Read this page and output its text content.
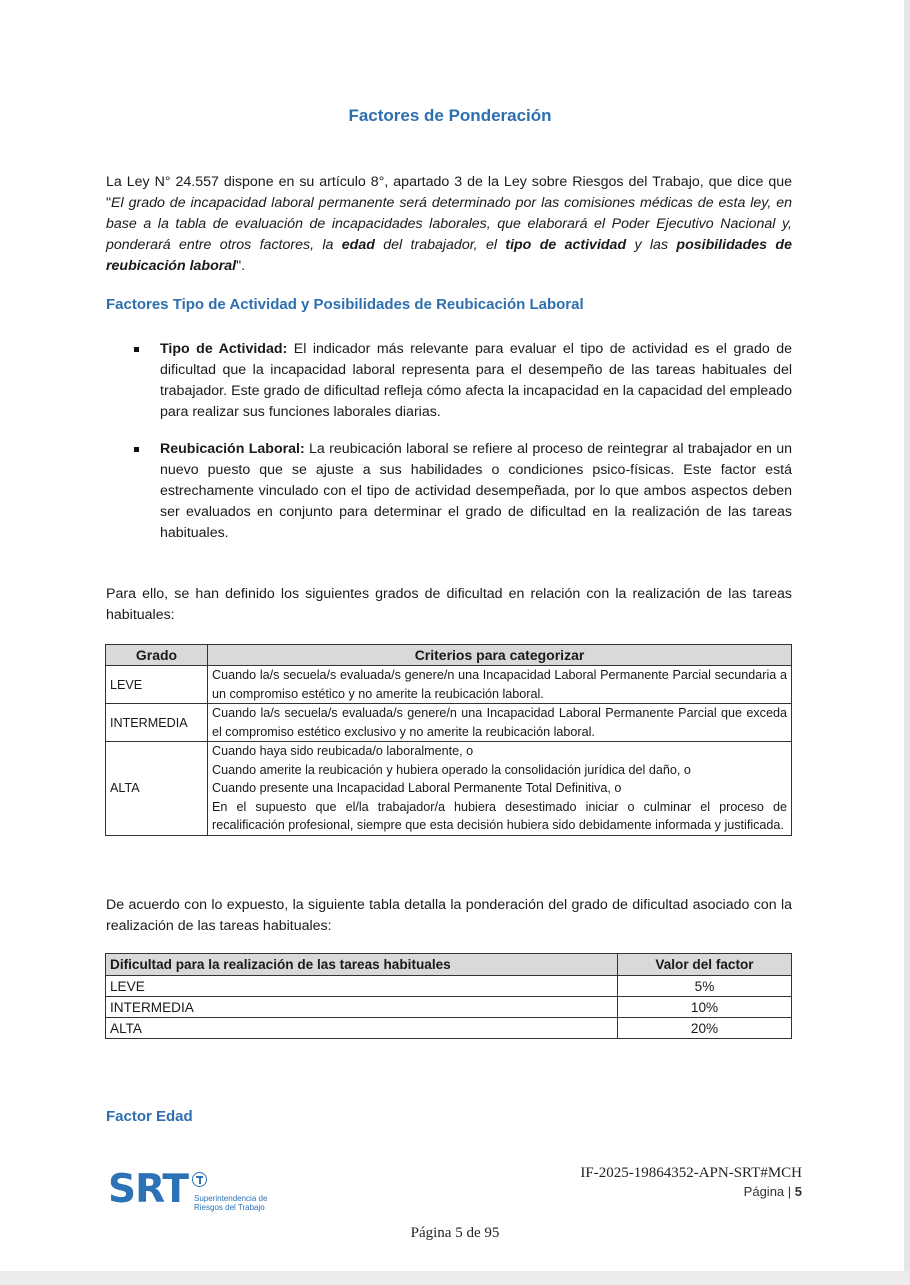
Factores de Ponderación

La Ley N° 24.557 dispone en su artículo 8°, apartado 3 de la Ley sobre Riesgos del Trabajo, que dice que "El grado de incapacidad laboral permanente será determinado por las comisiones médicas de esta ley, en base a la tabla de evaluación de incapacidades laborales, que elaborará el Poder Ejecutivo Nacional y, ponderará entre otros factores, la edad del trabajador, el tipo de actividad y las posibilidades de reubicación laboral".

Factores Tipo de Actividad y Posibilidades de Reubicación Laboral

Tipo de Actividad: El indicador más relevante para evaluar el tipo de actividad es el grado de dificultad que la incapacidad laboral representa para el desempeño de las tareas habituales del trabajador. Este grado de dificultad refleja cómo afecta la incapacidad en la capacidad del empleado para realizar sus funciones laborales diarias.

Reubicación Laboral: La reubicación laboral se refiere al proceso de reintegrar al trabajador en un nuevo puesto que se ajuste a sus habilidades o condiciones psico-físicas. Este factor está estrechamente vinculado con el tipo de actividad desempeñada, por lo que ambos aspectos deben ser evaluados en conjunto para determinar el grado de dificultad en la realización de las tareas habituales.

Para ello, se han definido los siguientes grados de dificultad en relación con la realización de las tareas habituales:

Grado	Criterios para categorizar
LEVE	Cuando la/s secuela/s evaluada/s genere/n una Incapacidad Laboral Permanente Parcial secundaria a un compromiso estético y no amerite la reubicación laboral.

INTERMEDIA	Cuando la/s secuela/s evaluada/s genere/n una Incapacidad Laboral Permanente Parcial que exceda el compromiso estético exclusivo y no amerite la reubicación laboral.

ALTA	Cuando haya sido reubicada/o laboralmente, o
Cuando amerite la reubicación y hubiera operado la consolidación jurídica del daño, o
Cuando presente una Incapacidad Laboral Permanente Total Definitiva, o
En el supuesto que el/la trabajador/a hubiera desestimado iniciar o culminar el proceso de recalificación profesional, siempre que esta decisión hubiera sido debidamente informada y justificada.

De acuerdo con lo expuesto, la siguiente tabla detalla la ponderación del grado de dificultad asociado con la realización de las tareas habituales:

Dificultad para la realización de las tareas habituales	Valor del factor
LEVE	5%
INTERMEDIA	10%
ALTA	20%
Factor Edad
SRT Superintendencia de
Riesgos del Trabajo
IF-2025-19864352-APN-SRT#MCH
Página | 5
Página 5 de 95
